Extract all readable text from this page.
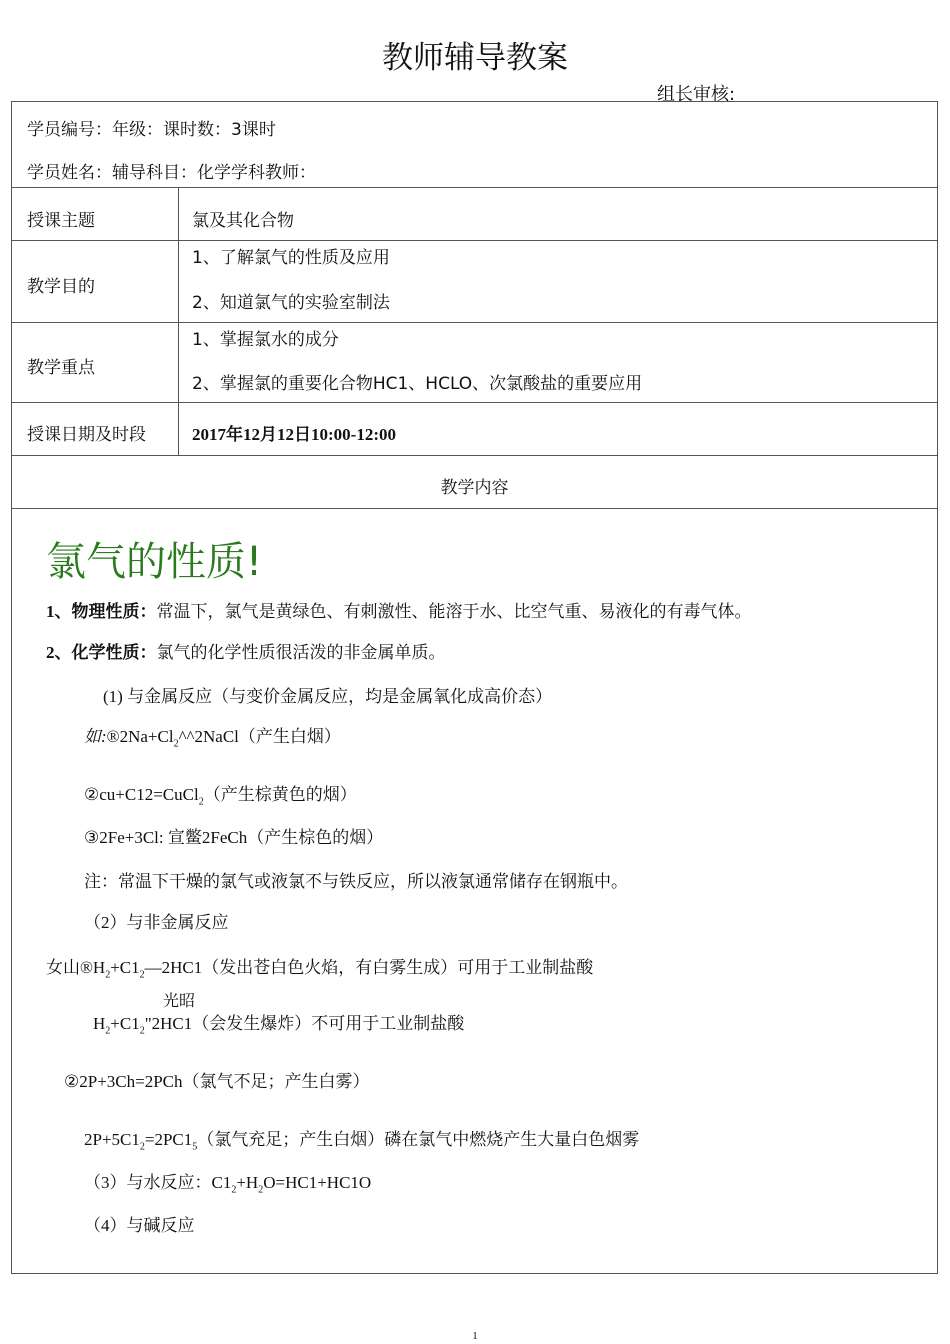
教师辅导教案
组长审核:
学员编号：年级：课时数：3课时
学员姓名：辅导科目：化学学科教师：
授课主题	氯及其化合物
教学目的
1、了解氯气的性质及应用
2、知道氯气的实验室制法
教学重点
1、掌握氯水的成分
2、掌握氯的重要化合物HC1、HCLO、次氯酸盐的重要应用
授课日期及时段	2017年12月12日10:00-12:00
教学内容
氯气的性质!
1、物理性质：常温下，氯气是黄绿色、有刺激性、能溶于水、比空气重、易液化的有毒气体。
2、化学性质：氯气的化学性质很活泼的非金属单质。
(1) 与金属反应（与变价金属反应，均是金属氧化成高价态）
如$:®2Na+Cl_2\^{}\^{}2NaCl$（产生白烟）
②cu+C12=CuCl$_2$（产生棕黄色的烟）
③2Fe+3Cl: 宣鳖2FeCh（产生棕色的烟）
注：常温下干燥的氯气或液氯不与铁反应，所以液氯通常储存在钢瓶中。
（2）与非金属反应
女山$®H_2+C1_2—2HC1$（发出苍白色火焰，有白雾生成）可用于工业制盐酸
光昭
$H_2+C1_2"2HC1$（会发生爆炸）不可用于工业制盐酸
②2P+3Ch=2PCh（氯气不足；产生白雾）
$2P+5C1_2=2PC1_5$（氯气充足；产生白烟）磷在氯气中燃烧产生大量白色烟雾
（3）与水反应：$C1_2+H_2O=HC1+HC1O$
（4）与碱反应
1
